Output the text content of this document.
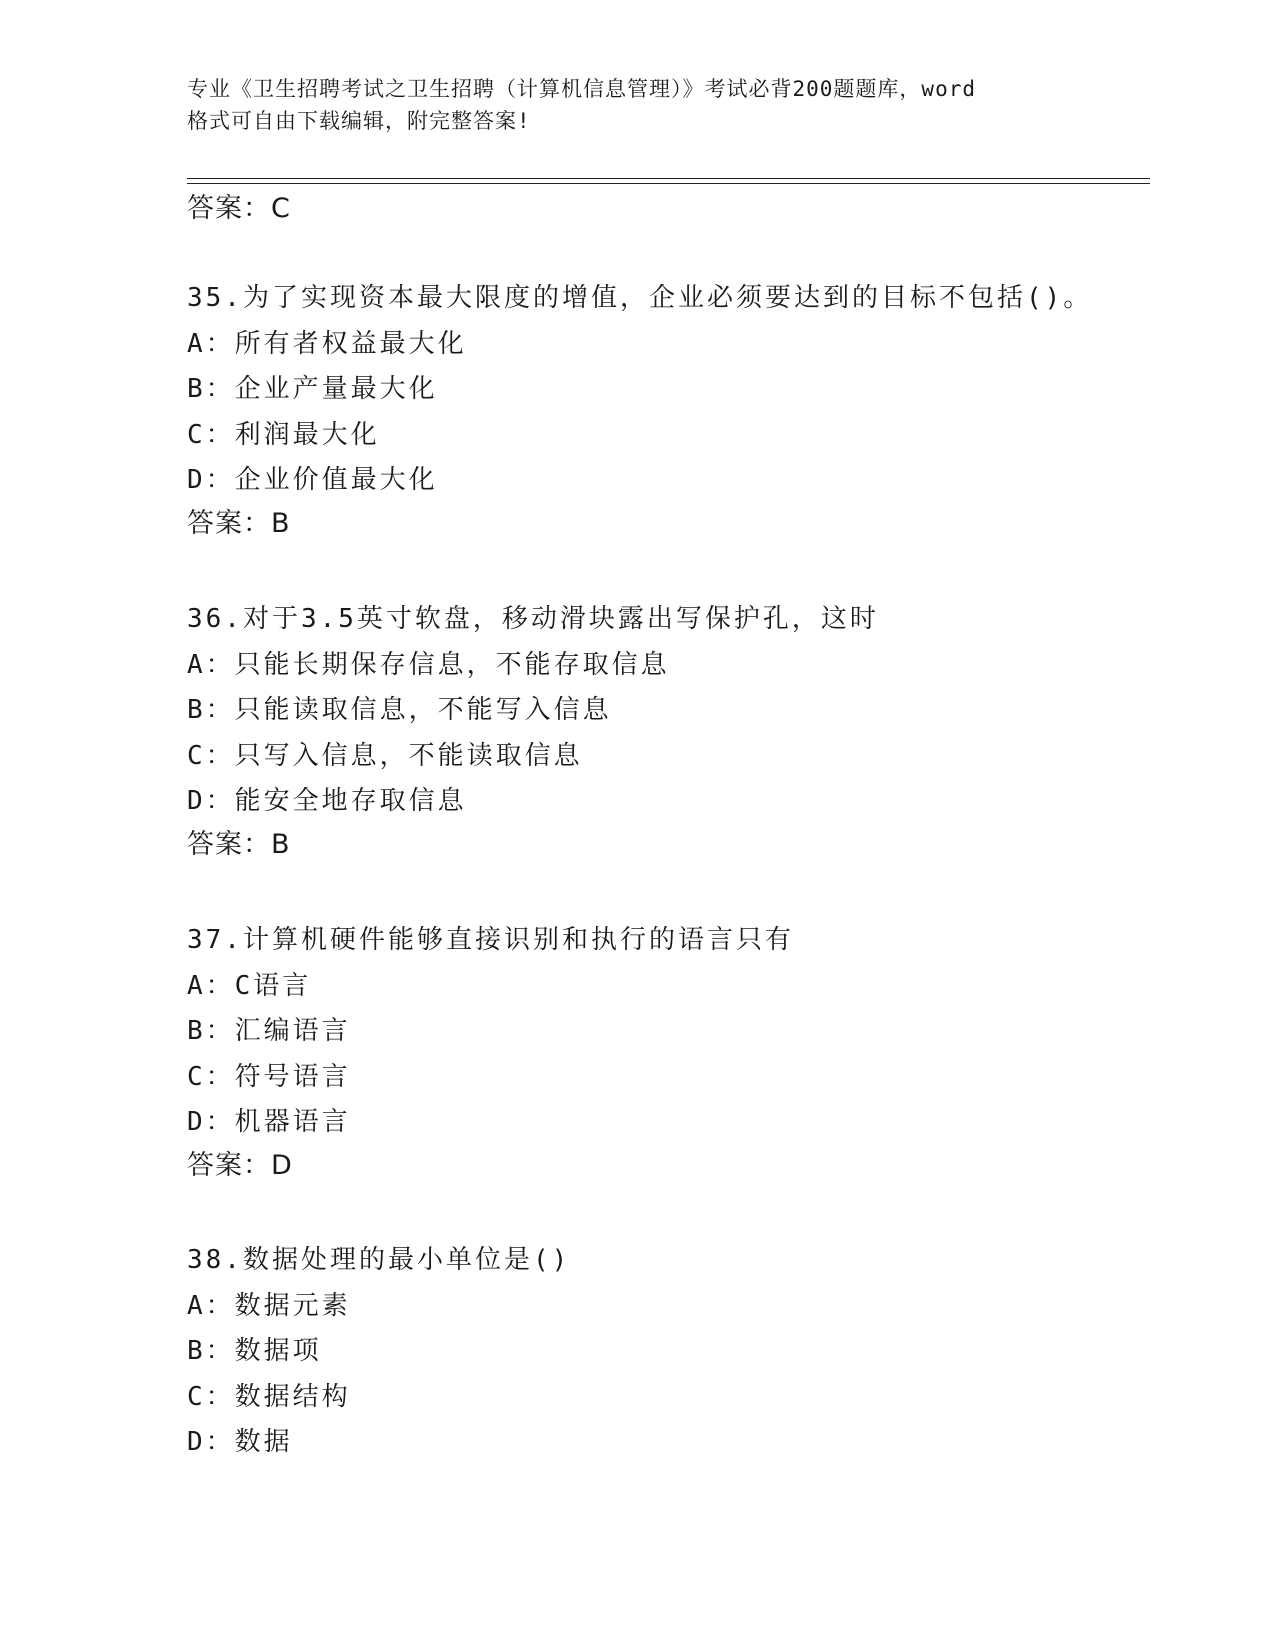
专业《卫生招聘考试之卫生招聘（计算机信息管理）》考试必背200题题库，word
格式可自由下载编辑，附完整答案!
答案：C
35.为了实现资本最大限度的增值，企业必须要达到的目标不包括()。
A：所有者权益最大化
B：企业产量最大化
C：利润最大化
D：企业价值最大化
答案：B
36.对于3.5英寸软盘，移动滑块露出写保护孔，这时
A：只能长期保存信息，不能存取信息
B：只能读取信息，不能写入信息
C：只写入信息，不能读取信息
D：能安全地存取信息
答案：B
37.计算机硬件能够直接识别和执行的语言只有
A：C语言
B：汇编语言
C：符号语言
D：机器语言
答案：D
38.数据处理的最小单位是()
A：数据元素
B：数据项
C：数据结构
D：数据
